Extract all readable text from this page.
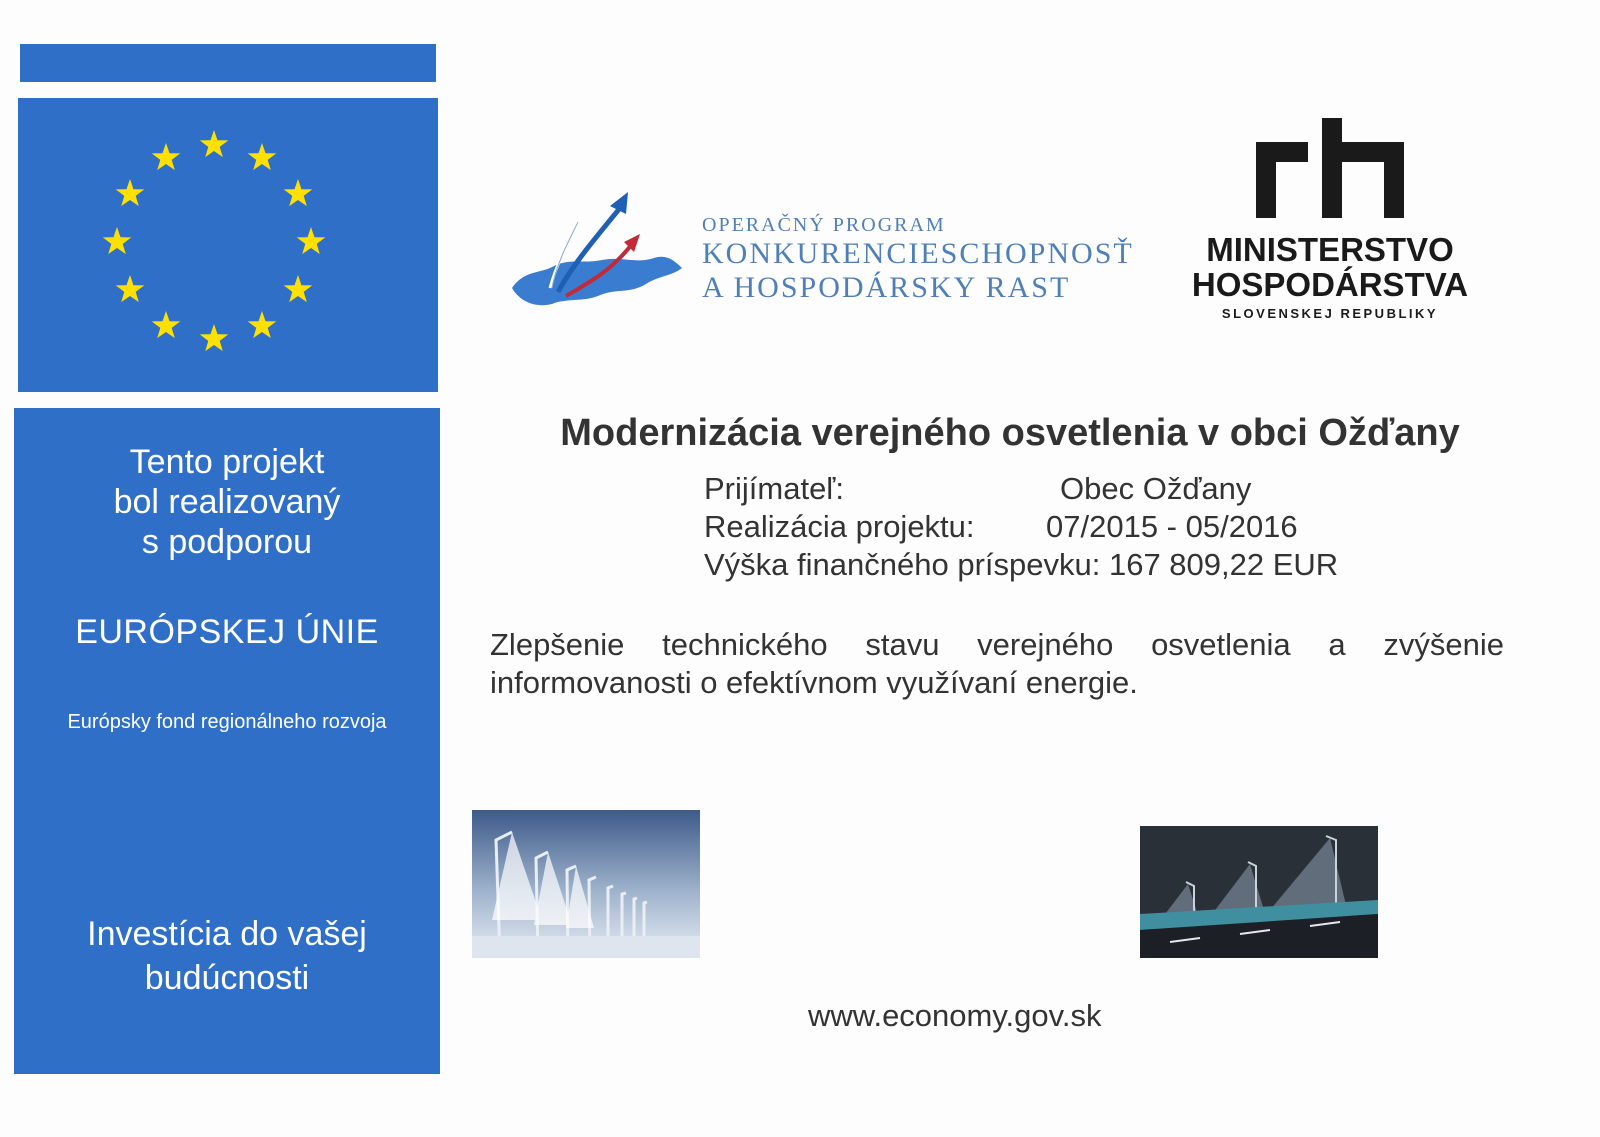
Tento projekt bol realizovaný s podporou
EURÓPSKEJ ÚNIE
Európsky fond regionálneho rozvoja
Investícia do vašej budúcnosti
OPERAČNÝ PROGRAM
KONKURENCIESCHOPNOSŤ
A HOSPODÁRSKY RAST
MINISTERSTVO
HOSPODÁRSTVA
SLOVENSKEJ REPUBLIKY
Modernizácia verejného osvetlenia v obci Ožďany
Prijímateľ:	Obec Ožďany
Realizácia projektu: 07/2015 - 05/2016
Výška finančného príspevku: 167 809,22 EUR
Zlepšenie technického stavu verejného osvetlenia a zvýšenie informovanosti o efektívnom využívaní energie.
www.economy.gov.sk
